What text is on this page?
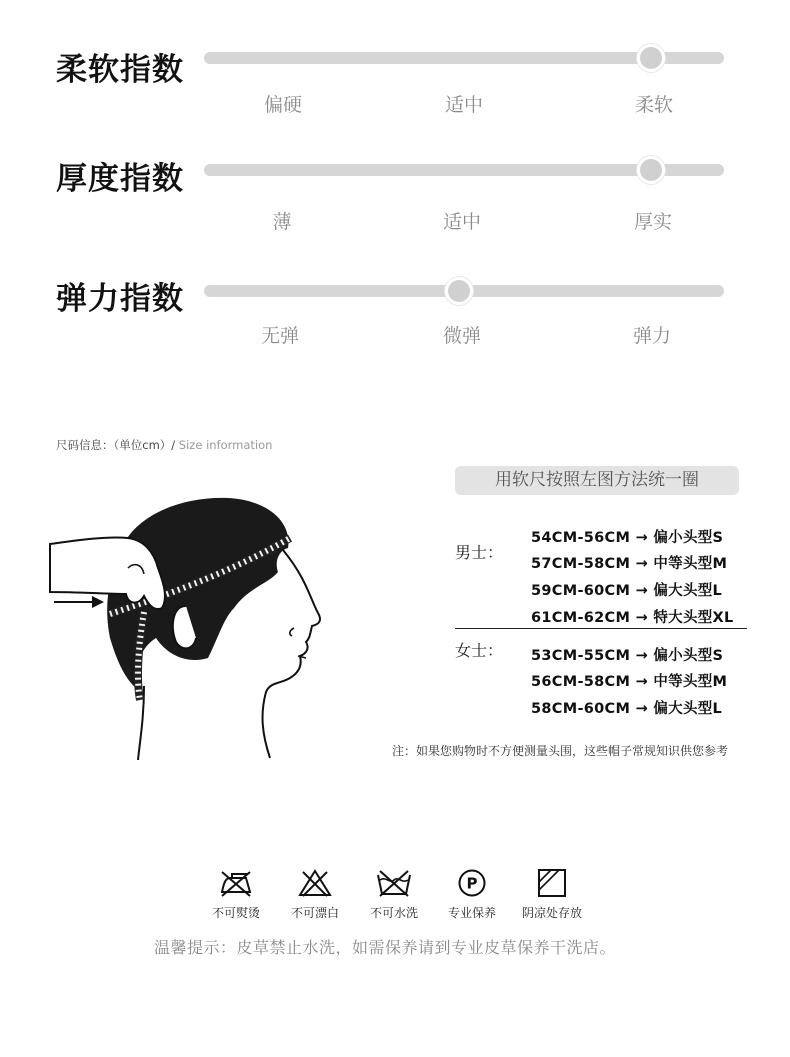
柔软指数
偏硬	适中	柔软
厚度指数
薄	适中	厚实
弹力指数
无弹	微弹	弹力
尺码信息：（单位cm）/ Size information
用软尺按照左图方法统一圈
男士：
54CM-56CM → 偏小头型S
57CM-58CM → 中等头型M
59CM-60CM → 偏大头型L
61CM-62CM → 特大头型XL
女士： 53CM-55CM → 偏小头型S
56CM-58CM → 中等头型M
58CM-60CM → 偏大头型L
注：如果您购物时不方便测量头围，这些帽子常规知识供您参考
不可熨烫	不可漂白	不可水洗
P
专业保养	阴凉处存放
温馨提示：皮草禁止水洗，如需保养请到专业皮草保养干洗店。
